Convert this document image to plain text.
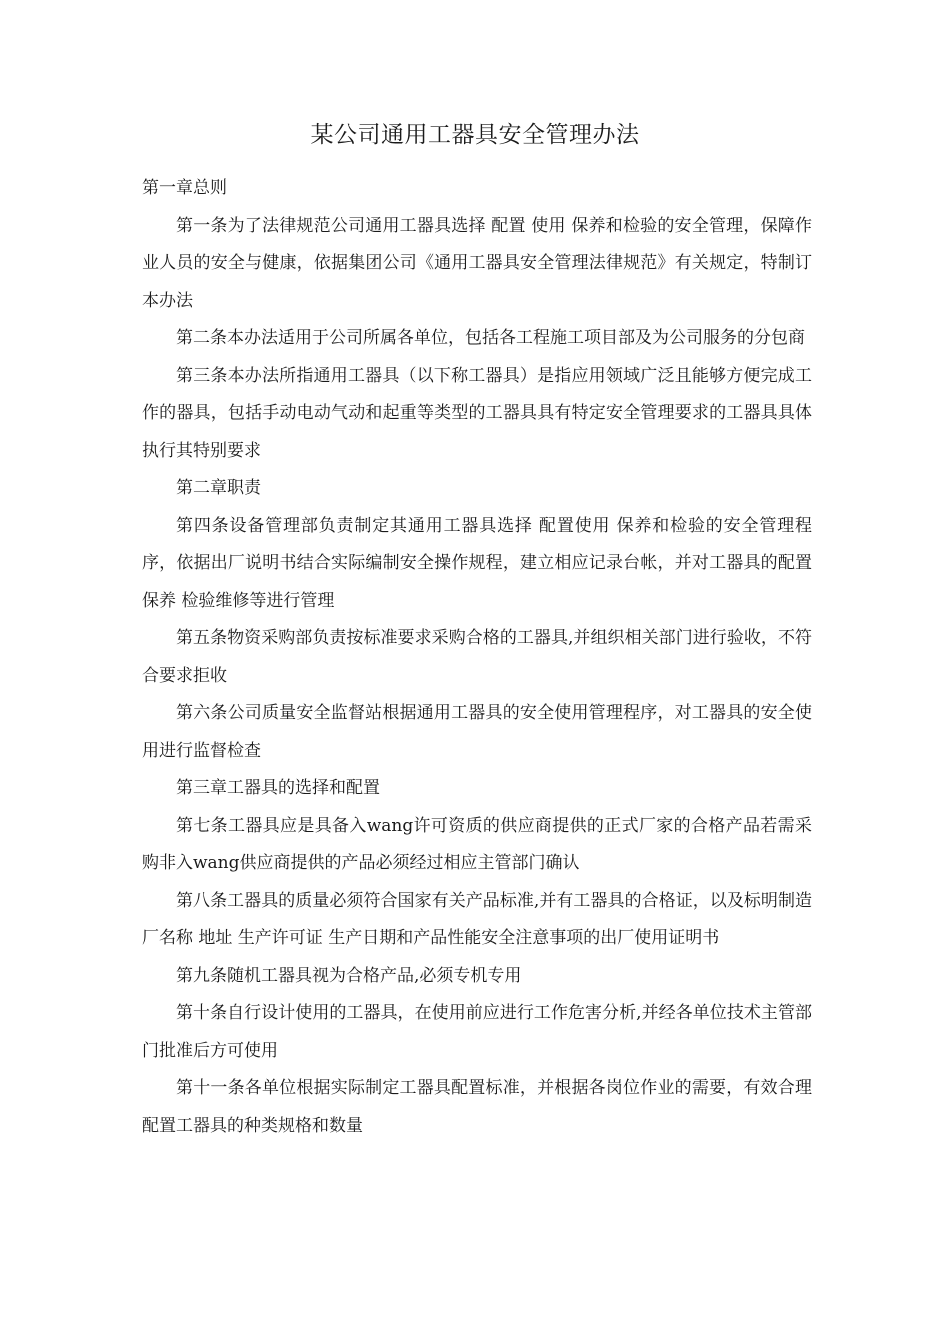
某公司通用工器具安全管理办法

第一章总则

第一条为了法律规范公司通用工器具选择 配置 使用 保养和检验的安全管理，保障作业人员的安全与健康，依据集团公司《通用工器具安全管理法律规范》有关规定，特制订本办法

第二条本办法适用于公司所属各单位，包括各工程施工项目部及为公司服务的分包商

第三条本办法所指通用工器具（以下称工器具）是指应用领域广泛且能够方便完成工作的器具，包括手动电动气动和起重等类型的工器具具有特定安全管理要求的工器具具体执行其特别要求

第二章职责

第四条设备管理部负责制定其通用工器具选择 配置使用 保养和检验的安全管理程序，依据出厂说明书结合实际编制安全操作规程，建立相应记录台帐，并对工器具的配置保养 检验维修等进行管理

第五条物资采购部负责按标准要求采购合格的工器具,并组织相关部门进行验收，不符合要求拒收

第六条公司质量安全监督站根据通用工器具的安全使用管理程序，对工器具的安全使用进行监督检查

第三章工器具的选择和配置

第七条工器具应是具备入wang许可资质的供应商提供的正式厂家的合格产品若需采购非入wang供应商提供的产品必须经过相应主管部门确认

第八条工器具的质量必须符合国家有关产品标准,并有工器具的合格证，以及标明制造厂名称 地址 生产许可证 生产日期和产品性能安全注意事项的出厂使用证明书

第九条随机工器具视为合格产品,必须专机专用

第十条自行设计使用的工器具，在使用前应进行工作危害分析,并经各单位技术主管部门批准后方可使用

第十一条各单位根据实际制定工器具配置标准，并根据各岗位作业的需要，有效合理配置工器具的种类规格和数量
